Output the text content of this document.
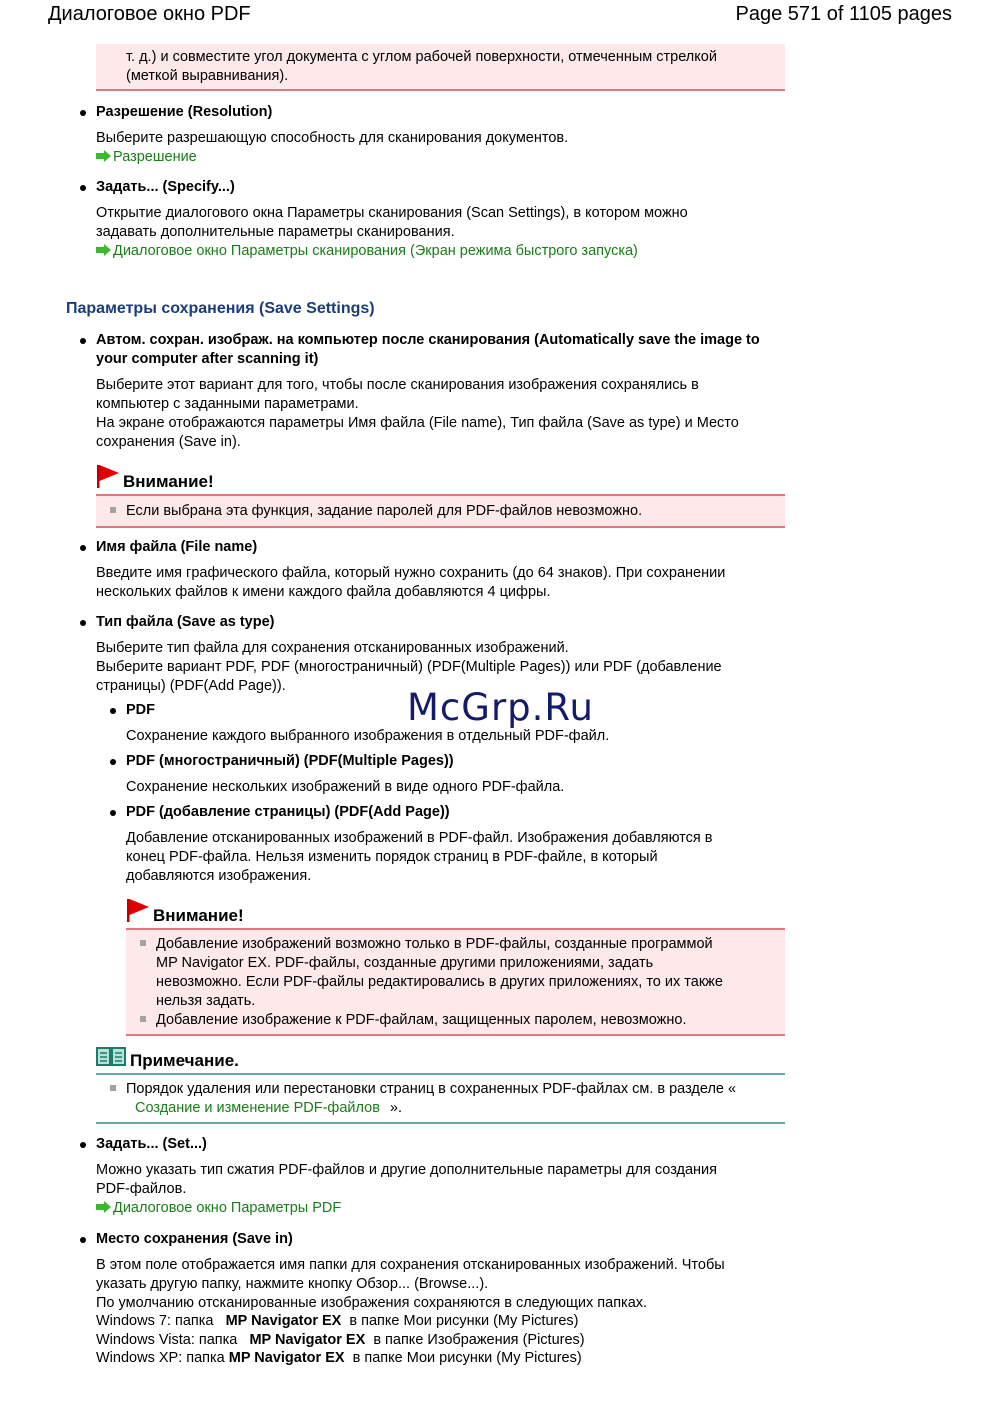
Диалоговое окно PDF	Page 571 of 1105 pages
т. д.) и совместите угол документа с углом рабочей поверхности, отмеченным стрелкой
(меткой выравнивания).
Разрешение (Resolution)
Выберите разрешающую способность для сканирования документов.
Разрешение
Задать... (Specify...)
Открытие диалогового окна Параметры сканирования (Scan Settings), в котором можно
задавать дополнительные параметры сканирования.
Диалоговое окно Параметры сканирования (Экран режима быстрого запуска)
Параметры сохранения (Save Settings)
Автом. сохран. изображ. на компьютер после сканирования (Automatically save the image to
your computer after scanning it)
Выберите этот вариант для того, чтобы после сканирования изображения сохранялись в
компьютер с заданными параметрами.
На экране отображаются параметры Имя файла (File name), Тип файла (Save as type) и Место
сохранения (Save in).
Внимание!
Если выбрана эта функция, задание паролей для PDF-файлов невозможно.
Имя файла (File name)
Введите имя графического файла, который нужно сохранить (до 64 знаков). При сохранении
нескольких файлов к имени каждого файла добавляются 4 цифры.
Тип файла (Save as type)
Выберите тип файла для сохранения отсканированных изображений.
Выберите вариант PDF, PDF (многостраничный) (PDF(Multiple Pages)) или PDF (добавление
страницы) (PDF(Add Page)).
PDF
Сохранение каждого выбранного изображения в отдельный PDF-файл.
PDF (многостраничный) (PDF(Multiple Pages))
Сохранение нескольких изображений в виде одного PDF-файла.
PDF (добавление страницы) (PDF(Add Page))
Добавление отсканированных изображений в PDF-файл. Изображения добавляются в
конец PDF-файла. Нельзя изменить порядок страниц в PDF-файле, в который
добавляются изображения.
McGrp.Ru
Внимание!
Добавление изображений возможно только в PDF-файлы, созданные программой
MP Navigator EX. PDF-файлы, созданные другими приложениями, задать
невозможно. Если PDF-файлы редактировались в других приложениях, то их также
нельзя задать.
Добавление изображение к PDF-файлам, защищенных паролем, невозможно.
Примечание.
Порядок удаления или перестановки страниц в сохраненных PDF-файлах см. в разделе «
Создание и изменение PDF-файлов ».
Задать... (Set...)
Можно указать тип сжатия PDF-файлов и другие дополнительные параметры для создания
PDF-файлов.
Диалоговое окно Параметры PDF
Место сохранения (Save in)
В этом поле отображается имя папки для сохранения отсканированных изображений. Чтобы
указать другую папку, нажмите кнопку Обзор... (Browse...).
По умолчанию отсканированные изображения сохраняются в следующих папках.
Windows 7: папка MP Navigator EX в папке Мои рисунки (My Pictures)
Windows Vista: папка MP Navigator EX в папке Изображения (Pictures)
Windows XP: папка MP Navigator EX в папке Мои рисунки (My Pictures)
